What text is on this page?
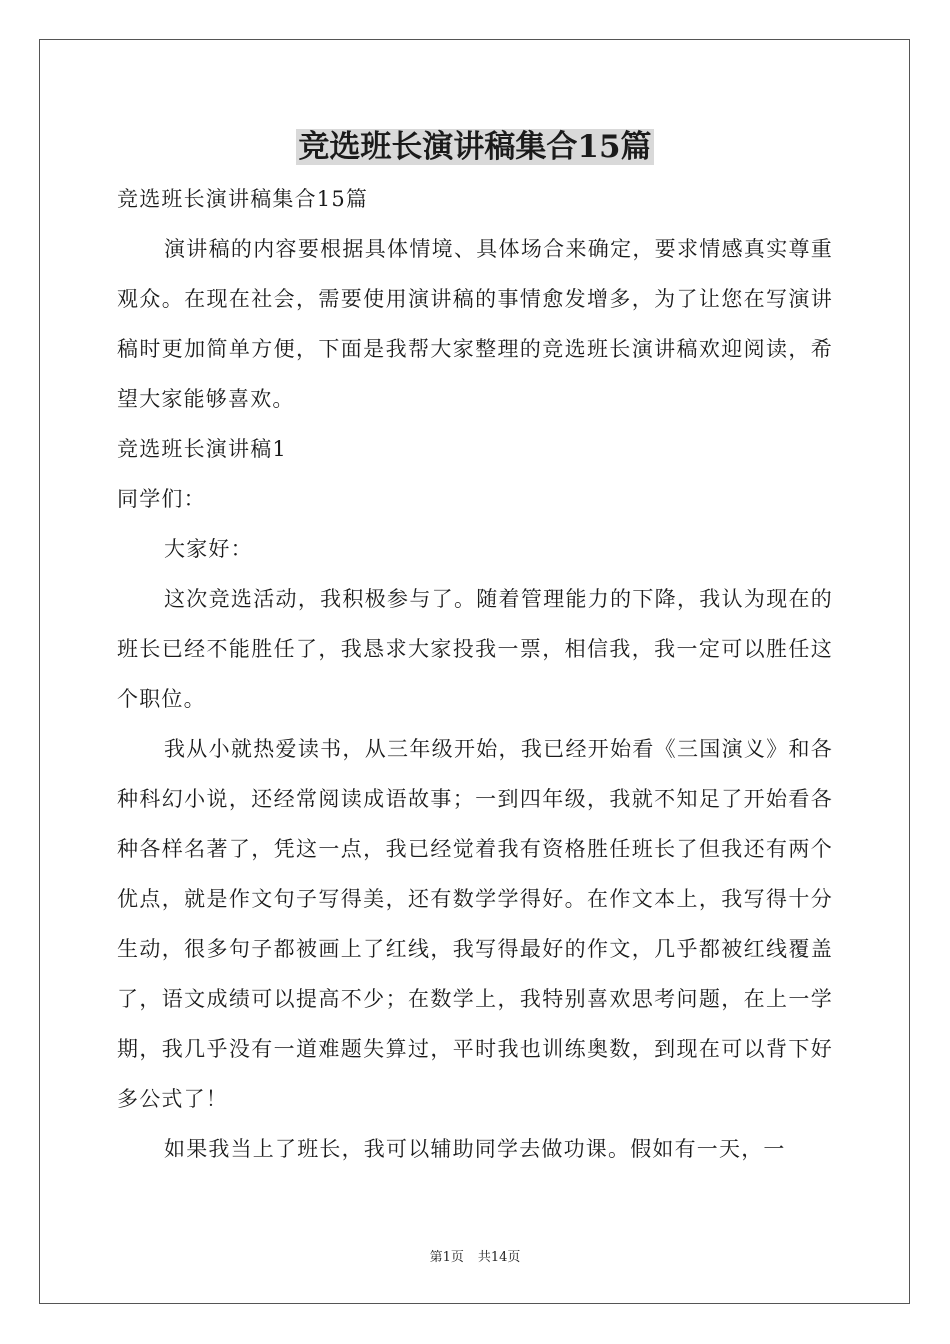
竞选班长演讲稿集合15篇

竞选班长演讲稿集合15篇

演讲稿的内容要根据具体情境、具体场合来确定，要求情感真实尊重观众。在现在社会，需要使用演讲稿的事情愈发增多，为了让您在写演讲稿时更加简单方便，下面是我帮大家整理的竞选班长演讲稿欢迎阅读，希望大家能够喜欢。

竞选班长演讲稿1

同学们：

大家好：

这次竞选活动，我积极参与了。随着管理能力的下降，我认为现在的班长已经不能胜任了，我恳求大家投我一票，相信我，我一定可以胜任这个职位。

我从小就热爱读书，从三年级开始，我已经开始看《三国演义》和各种科幻小说，还经常阅读成语故事；一到四年级，我就不知足了开始看各种各样名著了，凭这一点，我已经觉着我有资格胜任班长了但我还有两个优点，就是作文句子写得美，还有数学学得好。在作文本上，我写得十分生动，很多句子都被画上了红线，我写得最好的作文，几乎都被红线覆盖了，语文成绩可以提高不少；在数学上，我特别喜欢思考问题，在上一学期，我几乎没有一道难题失算过，平时我也训练奥数，到现在可以背下好多公式了！

如果我当上了班长，我可以辅助同学去做功课。假如有一天，一

第1页 共14页
